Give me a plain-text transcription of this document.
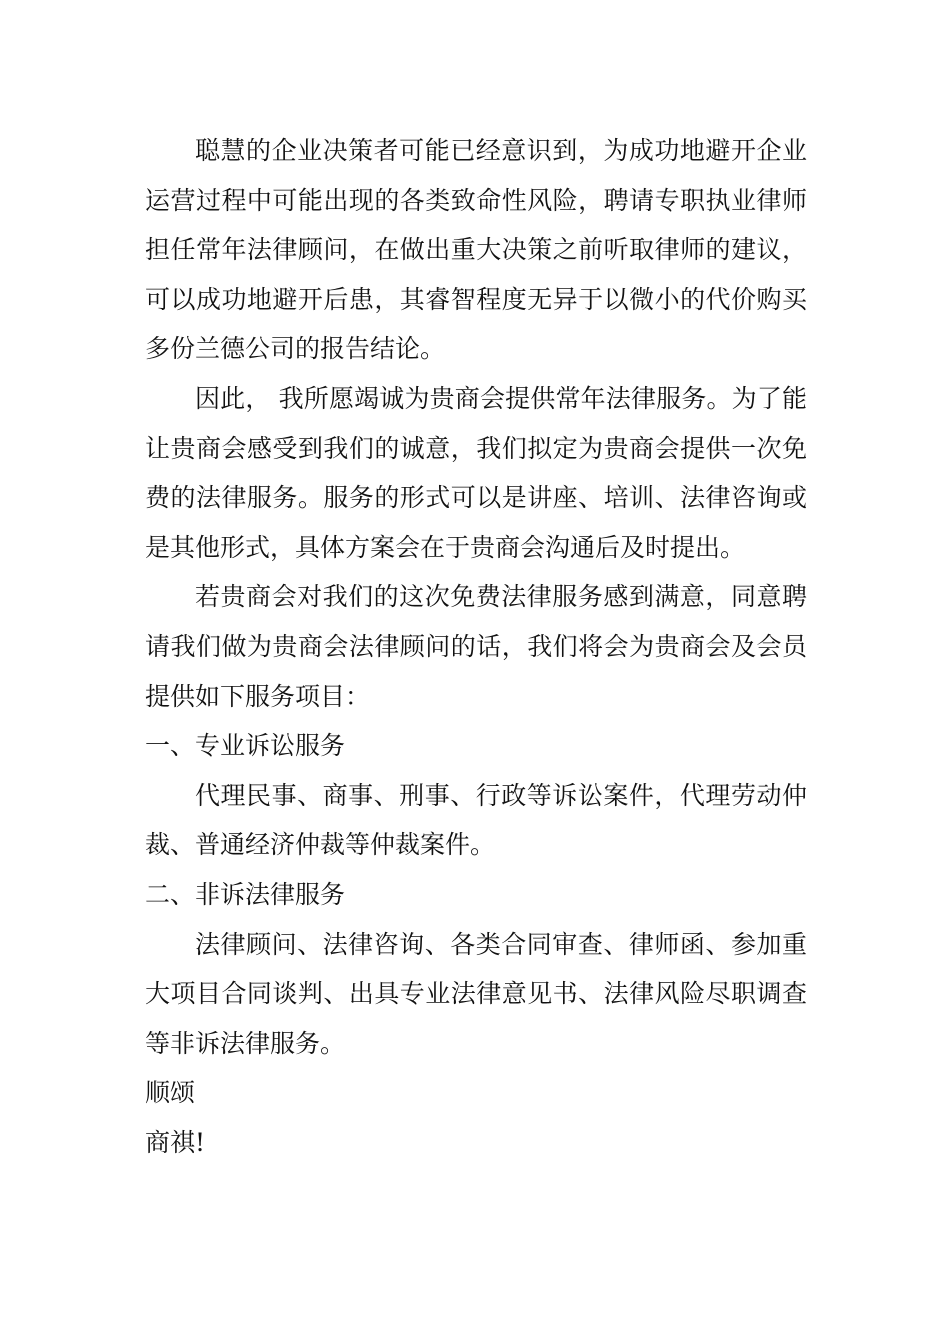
聪慧的企业决策者可能已经意识到，为成功地避开企业运营过程中可能出现的各类致命性风险，聘请专职执业律师担任常年法律顾问，在做出重大决策之前听取律师的建议，可以成功地避开后患，其睿智程度无异于以微小的代价购买多份兰德公司的报告结论。

因此， 我所愿竭诚为贵商会提供常年法律服务。为了能让贵商会感受到我们的诚意，我们拟定为贵商会提供一次免费的法律服务。服务的形式可以是讲座、培训、法律咨询或是其他形式，具体方案会在于贵商会沟通后及时提出。

若贵商会对我们的这次免费法律服务感到满意，同意聘请我们做为贵商会法律顾问的话，我们将会为贵商会及会员提供如下服务项目：

一、专业诉讼服务

代理民事、商事、刑事、行政等诉讼案件，代理劳动仲裁、普通经济仲裁等仲裁案件。

二、非诉法律服务

法律顾问、法律咨询、各类合同审查、律师函、参加重大项目合同谈判、出具专业法律意见书、法律风险尽职调查等非诉法律服务。

顺颂

商祺!
